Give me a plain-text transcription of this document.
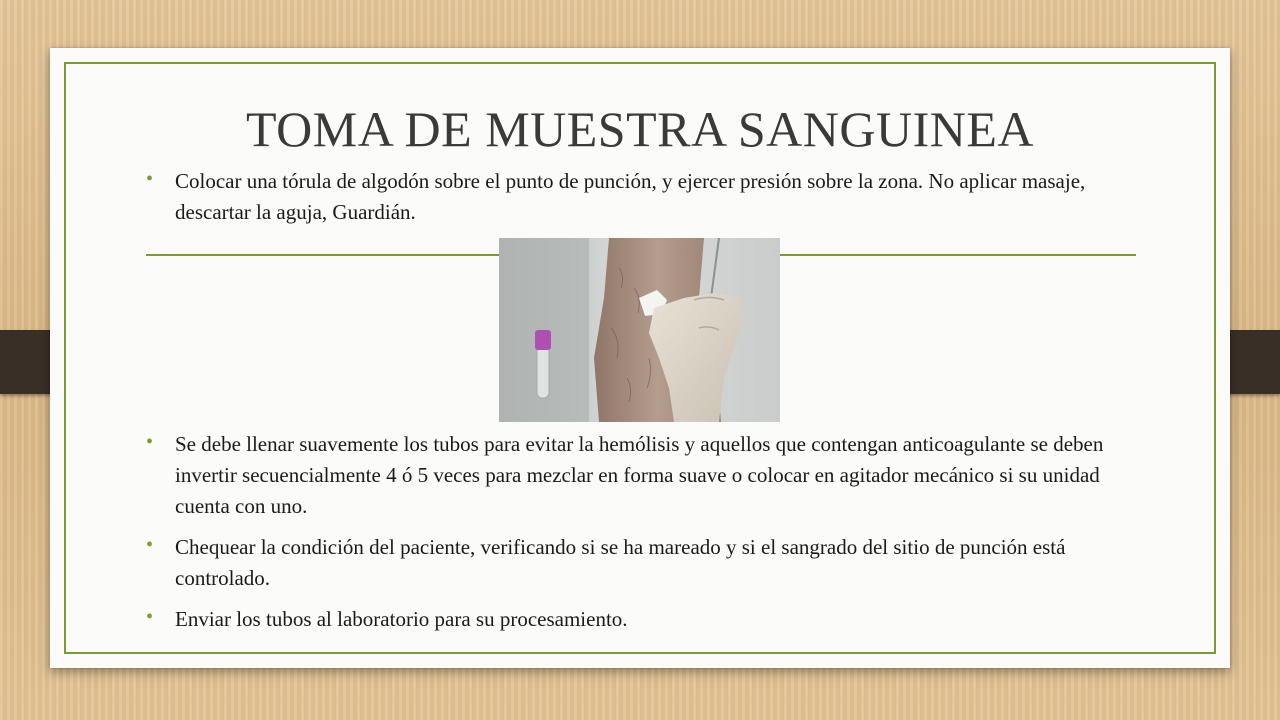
TOMA DE MUESTRA SANGUINEA
• Colocar una tórula de algodón sobre el punto de punción, y ejercer presión sobre la zona. No aplicar masaje, descartar la aguja, Guardián.
• Se debe llenar suavemente los tubos para evitar la hemólisis y aquellos que contengan anticoagulante se deben invertir secuencialmente 4 ó 5 veces para mezclar en forma suave o colocar en agitador mecánico si su unidad cuenta con uno.
• Chequear la condición del paciente, verificando si se ha mareado y si el sangrado del sitio de punción está controlado.
• Enviar los tubos al laboratorio para su procesamiento.
